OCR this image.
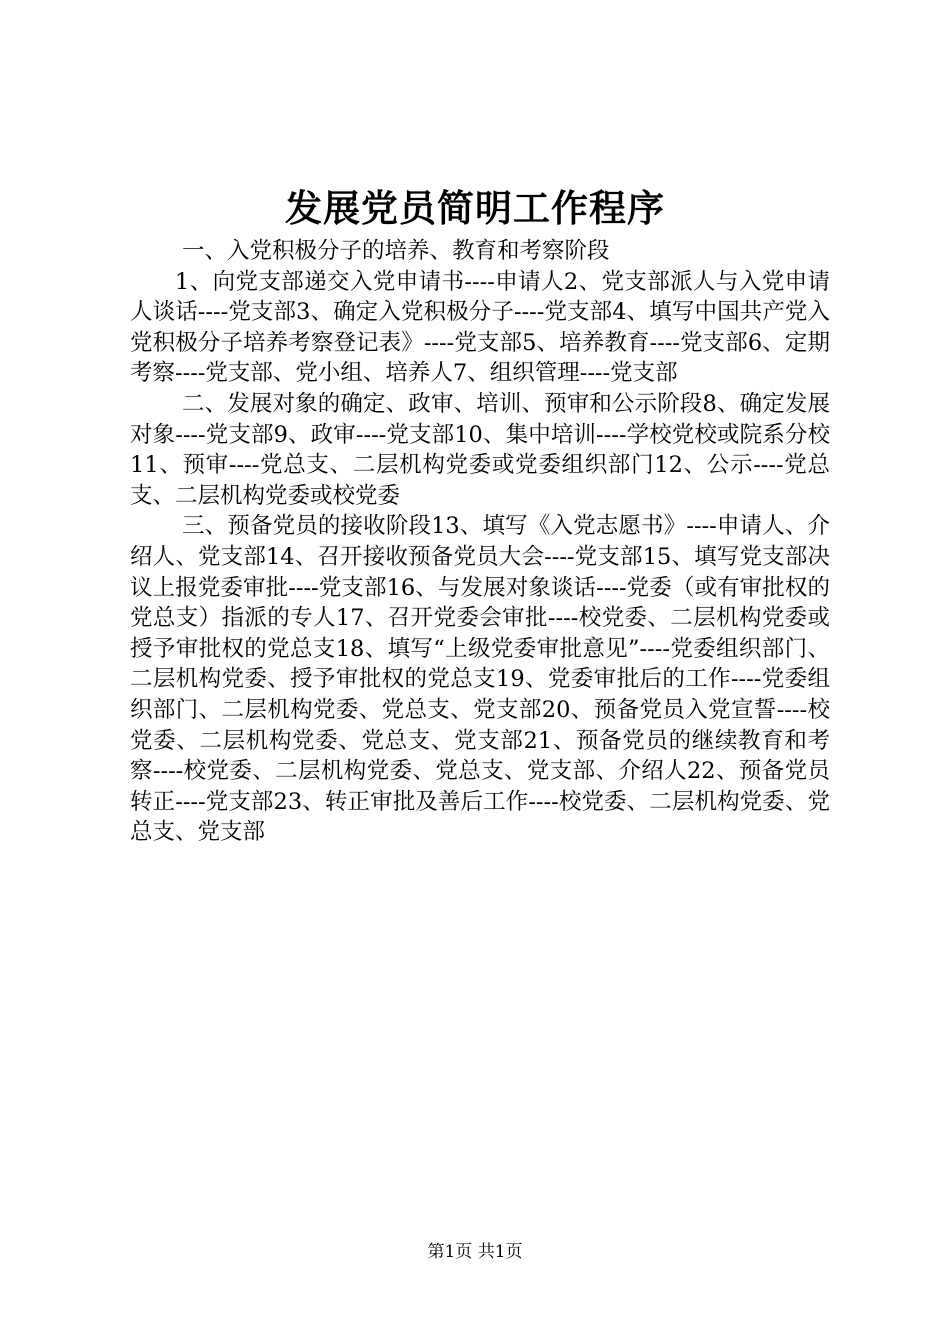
发展党员简明工作程序

一、入党积极分子的培养、教育和考察阶段

1、向党支部递交入党申请书----申请人2、党支部派人与入党申请人谈话----党支部3、确定入党积极分子----党支部4、填写中国共产党入党积极分子培养考察登记表》----党支部5、培养教育----党支部6、定期考察----党支部、党小组、培养人7、组织管理----党支部

二、发展对象的确定、政审、培训、预审和公示阶段8、确定发展对象----党支部9、政审----党支部10、集中培训----学校党校或院系分校11、预审----党总支、二层机构党委或党委组织部门12、公示----党总支、二层机构党委或校党委

三、预备党员的接收阶段13、填写《入党志愿书》----申请人、介绍人、党支部14、召开接收预备党员大会----党支部15、填写党支部决议上报党委审批----党支部16、与发展对象谈话----党委（或有审批权的党总支）指派的专人17、召开党委会审批----校党委、二层机构党委或授予审批权的党总支18、填写“上级党委审批意见”----党委组织部门、二层机构党委、授予审批权的党总支19、党委审批后的工作----党委组织部门、二层机构党委、党总支、党支部20、预备党员入党宣誓----校党委、二层机构党委、党总支、党支部21、预备党员的继续教育和考察----校党委、二层机构党委、党总支、党支部、介绍人22、预备党员转正----党支部23、转正审批及善后工作----校党委、二层机构党委、党总支、党支部

第1页 共1页
